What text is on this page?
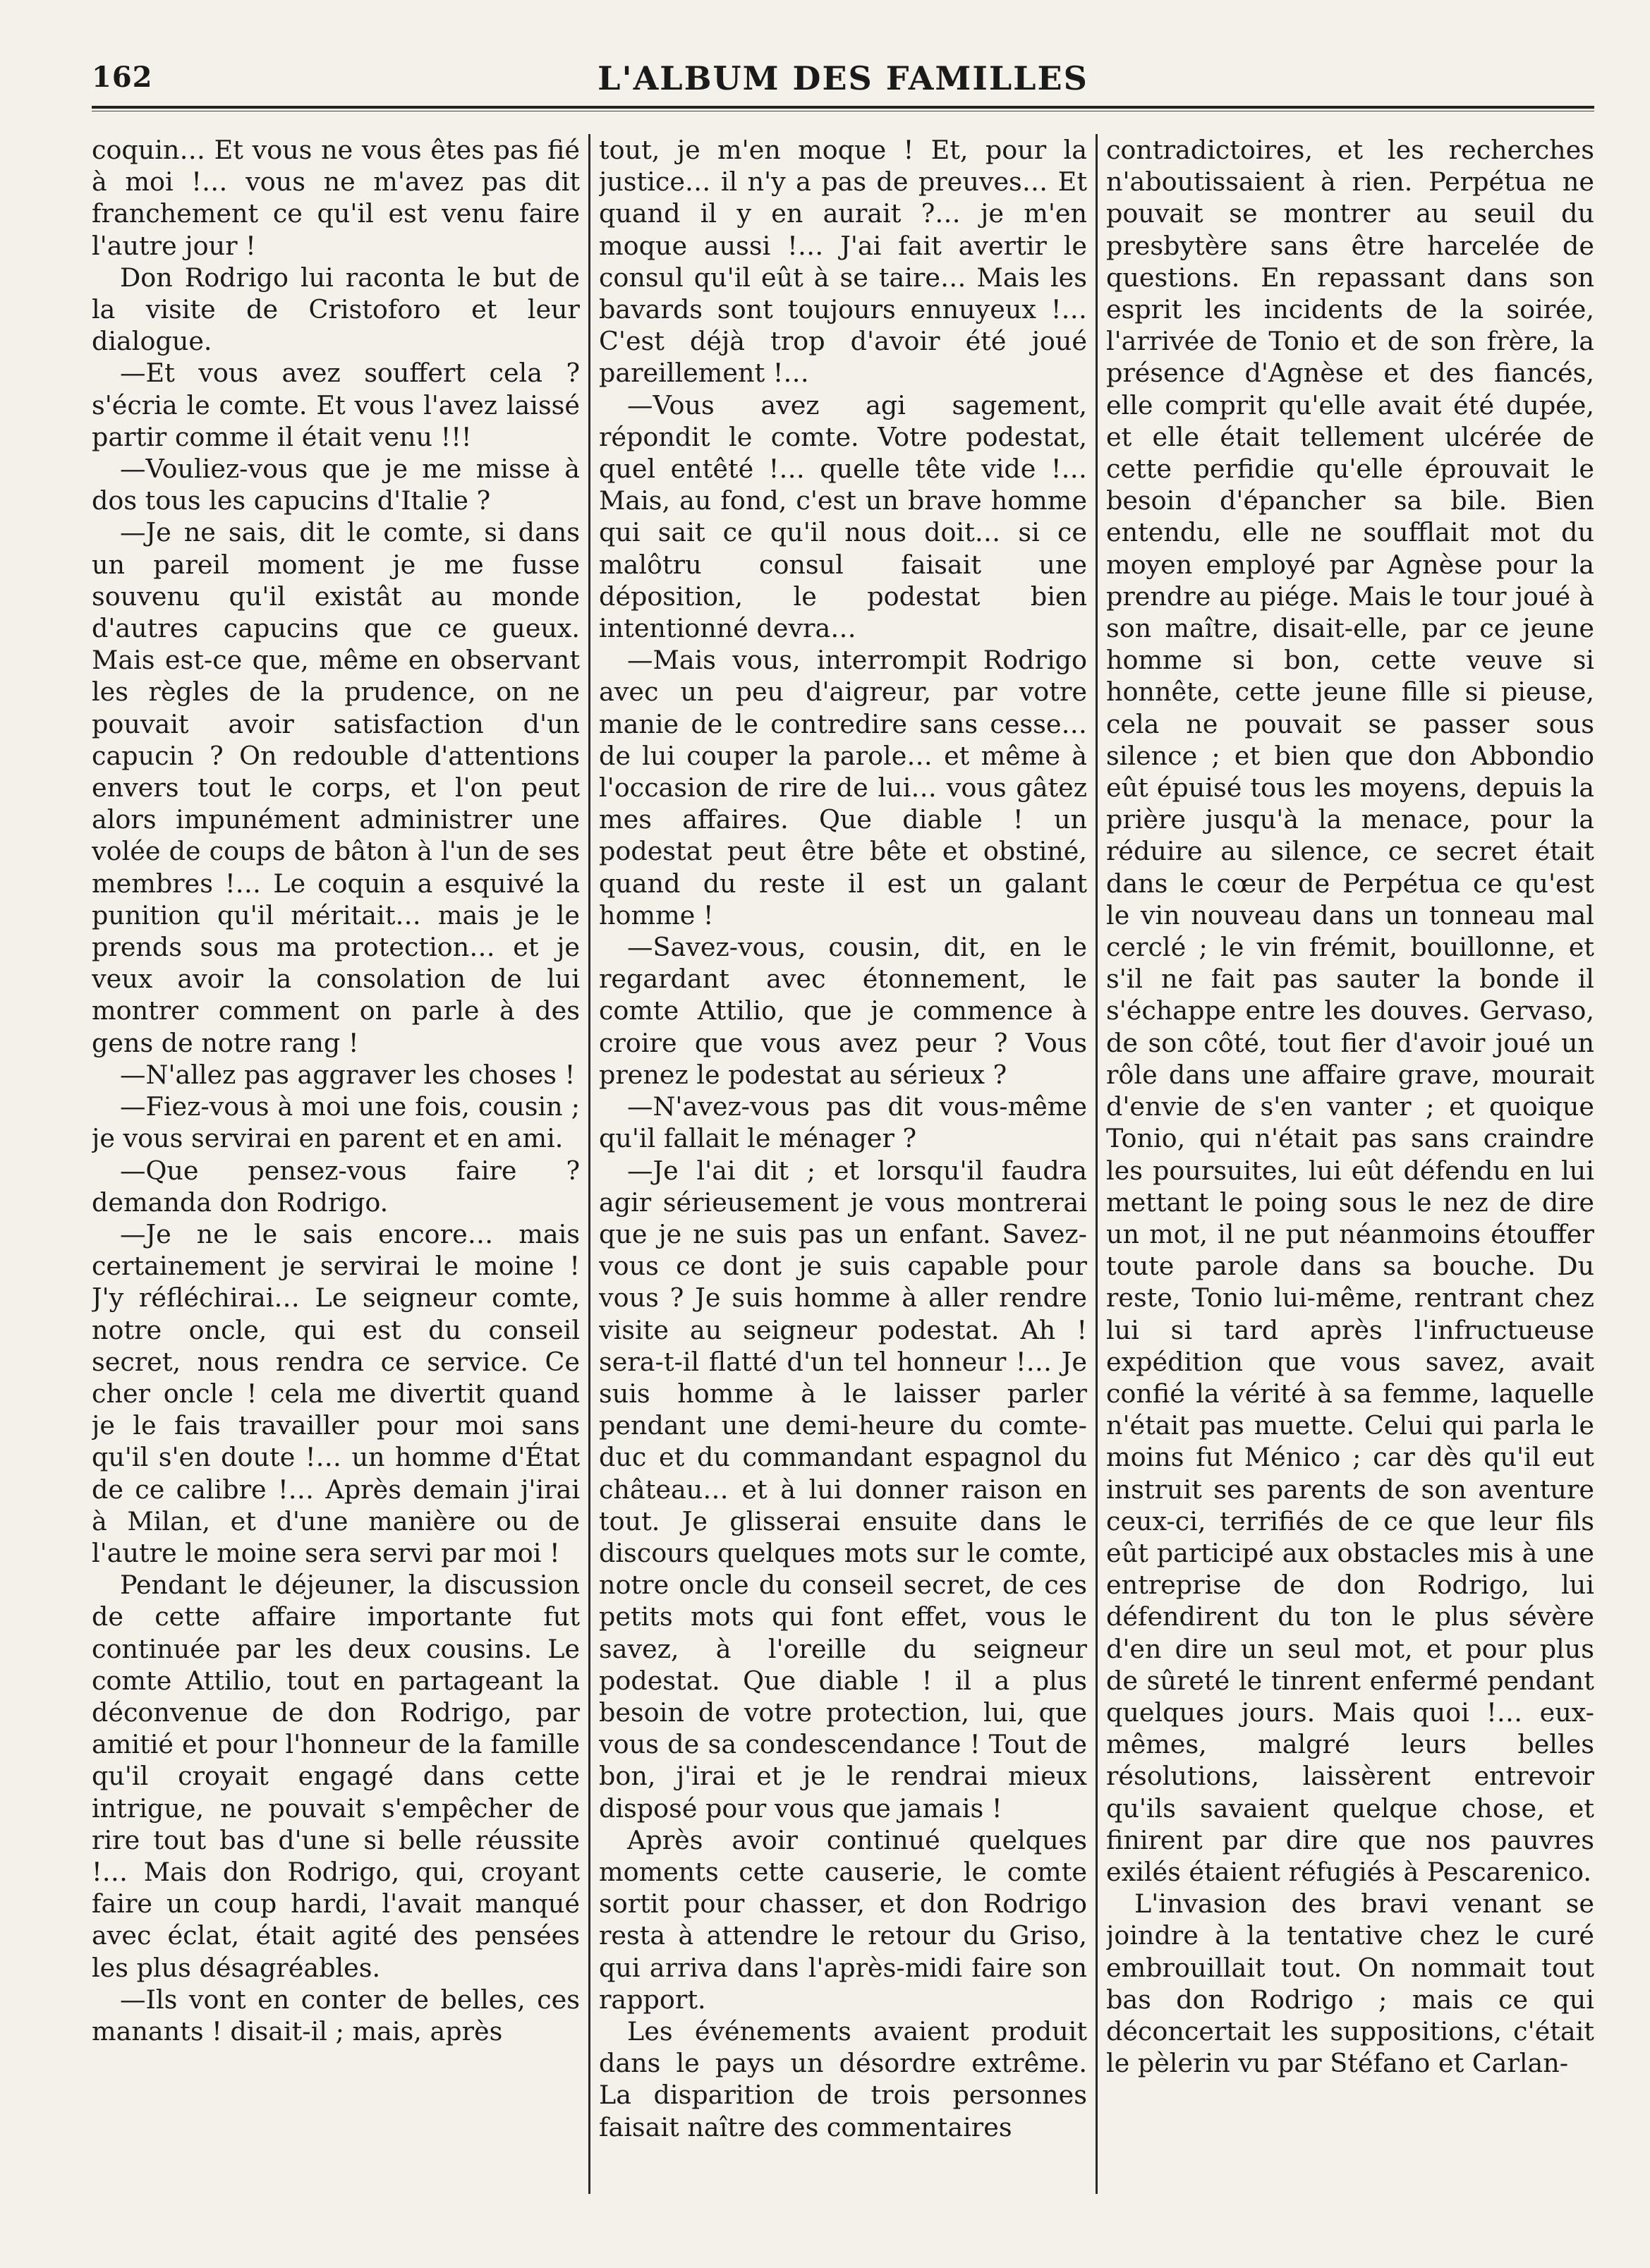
162	L'ALBUM DES FAMILLES

coquin… Et vous ne vous êtes pas fié à moi !… vous ne m'avez pas dit franchement ce qu'il est venu faire l'autre jour !

Don Rodrigo lui raconta le but de la visite de Cristoforo et leur dialogue.

—Et vous avez souffert cela ? s'écria le comte. Et vous l'avez laissé partir comme il était venu !!!

—Vouliez-vous que je me misse à dos tous les capucins d'Italie ?

—Je ne sais, dit le comte, si dans un pareil moment je me fusse souvenu qu'il existât au monde d'autres capucins que ce gueux. Mais est-ce que, même en observant les règles de la prudence, on ne pouvait avoir satisfaction d'un capucin ? On redouble d'attentions envers tout le corps, et l'on peut alors impunément administrer une volée de coups de bâton à l'un de ses membres !… Le coquin a esquivé la punition qu'il méritait… mais je le prends sous ma protection… et je veux avoir la consolation de lui montrer comment on parle à des gens de notre rang !

—N'allez pas aggraver les choses !

—Fiez-vous à moi une fois, cousin ; je vous servirai en parent et en ami.

—Que pensez-vous faire ? demanda don Rodrigo.

—Je ne le sais encore… mais certainement je servirai le moine ! J'y réfléchirai… Le seigneur comte, notre oncle, qui est du conseil secret, nous rendra ce service. Ce cher oncle ! cela me divertit quand je le fais travailler pour moi sans qu'il s'en doute !… un homme d'État de ce calibre !… Après demain j'irai à Milan, et d'une manière ou de l'autre le moine sera servi par moi !

Pendant le déjeuner, la discussion de cette affaire importante fut continuée par les deux cousins. Le comte Attilio, tout en partageant la déconvenue de don Rodrigo, par amitié et pour l'honneur de la famille qu'il croyait engagé dans cette intrigue, ne pouvait s'empêcher de rire tout bas d'une si belle réussite !… Mais don Rodrigo, qui, croyant faire un coup hardi, l'avait manqué avec éclat, était agité des pensées les plus désagréables.

—Ils vont en conter de belles, ces manants ! disait-il ; mais, après

tout, je m'en moque ! Et, pour la justice… il n'y a pas de preuves… Et quand il y en aurait ?… je m'en moque aussi !… J'ai fait avertir le consul qu'il eût à se taire… Mais les bavards sont toujours ennuyeux !… C'est déjà trop d'avoir été joué pareillement !…

—Vous avez agi sagement, répondit le comte. Votre podestat, quel entêté !… quelle tête vide !… Mais, au fond, c'est un brave homme qui sait ce qu'il nous doit… si ce malôtru consul faisait une déposition, le podestat bien intentionné devra…

—Mais vous, interrompit Rodrigo avec un peu d'aigreur, par votre manie de le contredire sans cesse… de lui couper la parole… et même à l'occasion de rire de lui… vous gâtez mes affaires. Que diable ! un podestat peut être bête et obstiné, quand du reste il est un galant homme !

—Savez-vous, cousin, dit, en le regardant avec étonnement, le comte Attilio, que je commence à croire que vous avez peur ? Vous prenez le podestat au sérieux ?

—N'avez-vous pas dit vous-même qu'il fallait le ménager ?

—Je l'ai dit ; et lorsqu'il faudra agir sérieusement je vous montrerai que je ne suis pas un enfant. Savez-vous ce dont je suis capable pour vous ? Je suis homme à aller rendre visite au seigneur podestat. Ah ! sera-t-il flatté d'un tel honneur !… Je suis homme à le laisser parler pendant une demi-heure du comte-duc et du commandant espagnol du château… et à lui donner raison en tout. Je glisserai ensuite dans le discours quelques mots sur le comte, notre oncle du conseil secret, de ces petits mots qui font effet, vous le savez, à l'oreille du seigneur podestat. Que diable ! il a plus besoin de votre protection, lui, que vous de sa condescendance ! Tout de bon, j'irai et je le rendrai mieux disposé pour vous que jamais !

Après avoir continué quelques moments cette causerie, le comte sortit pour chasser, et don Rodrigo resta à attendre le retour du Griso, qui arriva dans l'après-midi faire son rapport.

Les événements avaient produit dans le pays un désordre extrême. La disparition de trois personnes faisait naître des commentaires

contradictoires, et les recherches n'aboutissaient à rien. Perpétua ne pouvait se montrer au seuil du presbytère sans être harcelée de questions. En repassant dans son esprit les incidents de la soirée, l'arrivée de Tonio et de son frère, la présence d'Agnèse et des fiancés, elle comprit qu'elle avait été dupée, et elle était tellement ulcérée de cette perfidie qu'elle éprouvait le besoin d'épancher sa bile. Bien entendu, elle ne soufflait mot du moyen employé par Agnèse pour la prendre au piége. Mais le tour joué à son maître, disait-elle, par ce jeune homme si bon, cette veuve si honnête, cette jeune fille si pieuse, cela ne pouvait se passer sous silence ; et bien que don Abbondio eût épuisé tous les moyens, depuis la prière jusqu'à la menace, pour la réduire au silence, ce secret était dans le cœur de Perpétua ce qu'est le vin nouveau dans un tonneau mal cerclé ; le vin frémit, bouillonne, et s'il ne fait pas sauter la bonde il s'échappe entre les douves. Gervaso, de son côté, tout fier d'avoir joué un rôle dans une affaire grave, mourait d'envie de s'en vanter ; et quoique Tonio, qui n'était pas sans craindre les poursuites, lui eût défendu en lui mettant le poing sous le nez de dire un mot, il ne put néanmoins étouffer toute parole dans sa bouche. Du reste, Tonio lui-même, rentrant chez lui si tard après l'infructueuse expédition que vous savez, avait confié la vérité à sa femme, laquelle n'était pas muette. Celui qui parla le moins fut Ménico ; car dès qu'il eut instruit ses parents de son aventure ceux-ci, terrifiés de ce que leur fils eût participé aux obstacles mis à une entreprise de don Rodrigo, lui défendirent du ton le plus sévère d'en dire un seul mot, et pour plus de sûreté le tinrent enfermé pendant quelques jours. Mais quoi !… eux-mêmes, malgré leurs belles résolutions, laissèrent entrevoir qu'ils savaient quelque chose, et finirent par dire que nos pauvres exilés étaient réfugiés à Pescarenico.

L'invasion des bravi venant se joindre à la tentative chez le curé embrouillait tout. On nommait tout bas don Rodrigo ; mais ce qui déconcertait les suppositions, c'était le pèlerin vu par Stéfano et Carlan-
